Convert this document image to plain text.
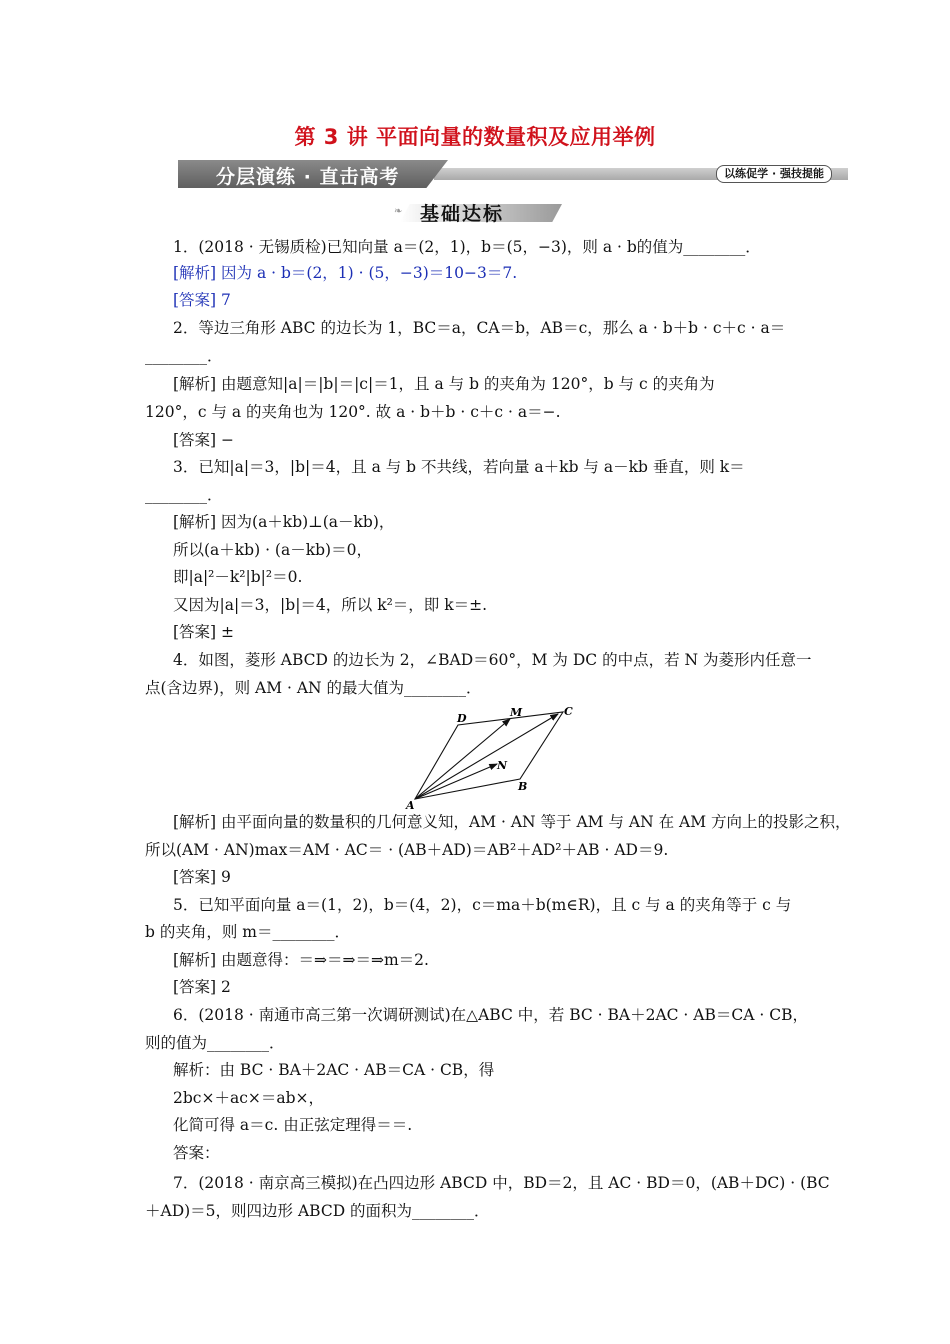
第 3 讲 平面向量的数量积及应用举例
分层演练 · 直击高考	以练促学 · 强技提能
❧ 基础达标
1．(2018 · 无锡质检)已知向量 a＝(2，1)，b＝(5，−3)，则 a · b的值为________．
[解析] 因为 a · b＝(2，1) · (5，−3)＝10−3＝7.
[答案] 7
2．等边三角形 ABC 的边长为 1，BC＝a，CA＝b，AB＝c，那么 a · b＋b · c＋c · a＝
________．
[解析] 由题意知|a|＝|b|＝|c|＝1，且 a 与 b 的夹角为 120°，b 与 c 的夹角为
120°，c 与 a 的夹角也为 120°. 故 a · b＋b · c＋c · a＝−.
[答案] −
3．已知|a|＝3，|b|＝4，且 a 与 b 不共线，若向量 a＋kb 与 a－kb 垂直，则 k＝
________．
[解析] 因为(a＋kb)⊥(a－kb)，
所以(a＋kb) · (a－kb)＝0，
即|a|²－k²|b|²＝0.
又因为|a|＝3，|b|＝4，所以 k²＝，即 k＝±.
[答案] ±
4．如图，菱形 ABCD 的边长为 2，∠BAD＝60°，M 为 DC 的中点，若 N 为菱形内任意一
点(含边界)，则 AM · AN 的最大值为________．
[解析] 由平面向量的数量积的几何意义知，AM · AN 等于 AM 与 AN 在 AM 方向上的投影之积，
所以(AM · AN)max＝AM · AC＝ · (AB＋AD)＝AB²＋AD²＋AB · AD＝9.
[答案] 9
5．已知平面向量 a＝(1，2)，b＝(4，2)，c＝ma＋b(m∈R)，且 c 与 a 的夹角等于 c 与
b 的夹角，则 m＝________．
[解析] 由题意得：＝⇒＝⇒＝⇒m＝2.
[答案] 2
6．(2018 · 南通市高三第一次调研测试)在△ABC 中，若 BC · BA＋2AC · AB＝CA · CB，
则的值为________．
解析：由 BC · BA＋2AC · AB＝CA · CB，得
2bc×＋ac×＝ab×，
化简可得 a＝c. 由正弦定理得＝＝.
答案：
7．(2018 · 南京高三模拟)在凸四边形 ABCD 中，BD＝2，且 AC · BD＝0，(AB＋DC) · (BC
＋AD)＝5，则四边形 ABCD 的面积为________．
A
B
C
D	M
N
